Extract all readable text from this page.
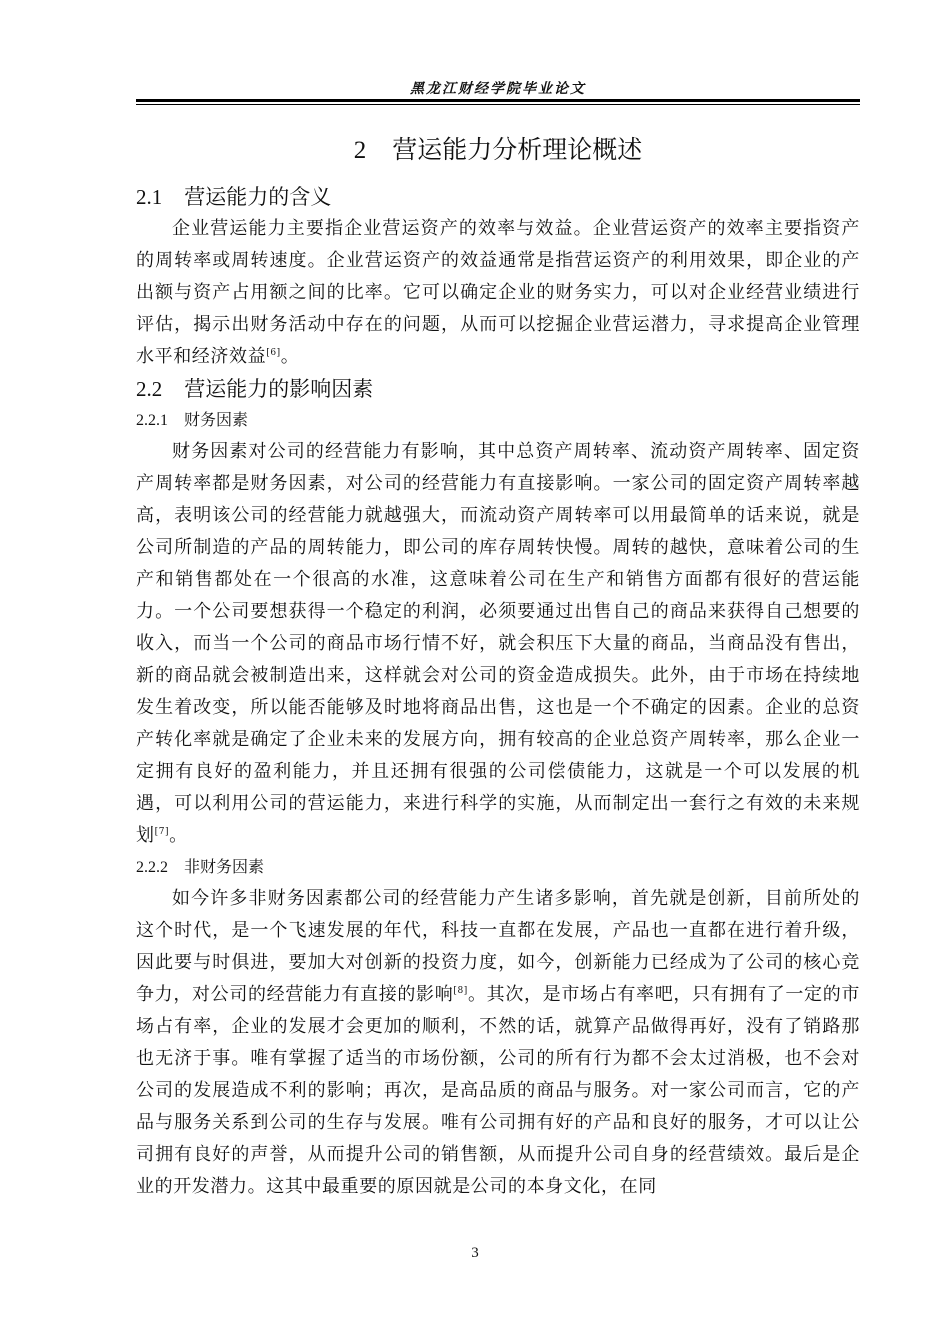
黑龙江财经学院毕业论文
2 营运能力分析理论概述
2.1 营运能力的含义

企业营运能力主要指企业营运资产的效率与效益。企业营运资产的效率主要指资产的周转率或周转速度。企业营运资产的效益通常是指营运资产的利用效果，即企业的产出额与资产占用额之间的比率。它可以确定企业的财务实力，可以对企业经营业绩进行评估，揭示出财务活动中存在的问题，从而可以挖掘企业营运潜力，寻求提高企业管理水平和经济效益[6]。

2.2 营运能力的影响因素
2.2.1 财务因素

财务因素对公司的经营能力有影响，其中总资产周转率、流动资产周转率、固定资产周转率都是财务因素，对公司的经营能力有直接影响。一家公司的固定资产周转率越高，表明该公司的经营能力就越强大，而流动资产周转率可以用最简单的话来说，就是公司所制造的产品的周转能力，即公司的库存周转快慢。周转的越快，意味着公司的生产和销售都处在一个很高的水准，这意味着公司在生产和销售方面都有很好的营运能力。一个公司要想获得一个稳定的利润，必须要通过出售自己的商品来获得自己想要的收入，而当一个公司的商品市场行情不好，就会积压下大量的商品，当商品没有售出，新的商品就会被制造出来，这样就会对公司的资金造成损失。此外，由于市场在持续地发生着改变，所以能否能够及时地将商品出售，这也是一个不确定的因素。企业的总资产转化率就是确定了企业未来的发展方向，拥有较高的企业总资产周转率，那么企业一定拥有良好的盈利能力，并且还拥有很强的公司偿债能力，这就是一个可以发展的机遇，可以利用公司的营运能力，来进行科学的实施，从而制定出一套行之有效的未来规划[7]。

2.2.2 非财务因素

如今许多非财务因素都公司的经营能力产生诸多影响，首先就是创新，目前所处的这个时代，是一个飞速发展的年代，科技一直都在发展，产品也一直都在进行着升级，因此要与时俱进，要加大对创新的投资力度，如今，创新能力已经成为了公司的核心竞争力，对公司的经营能力有直接的影响[8]。其次，是市场占有率吧，只有拥有了一定的市场占有率，企业的发展才会更加的顺利，不然的话，就算产品做得再好，没有了销路那也无济于事。唯有掌握了适当的市场份额，公司的所有行为都不会太过消极，也不会对公司的发展造成不利的影响；再次，是高品质的商品与服务。对一家公司而言，它的产品与服务关系到公司的生存与发展。唯有公司拥有好的产品和良好的服务，才可以让公司拥有良好的声誉，从而提升公司的销售额，从而提升公司自身的经营绩效。最后是企业的开发潜力。这其中最重要的原因就是公司的本身文化，在同

3
